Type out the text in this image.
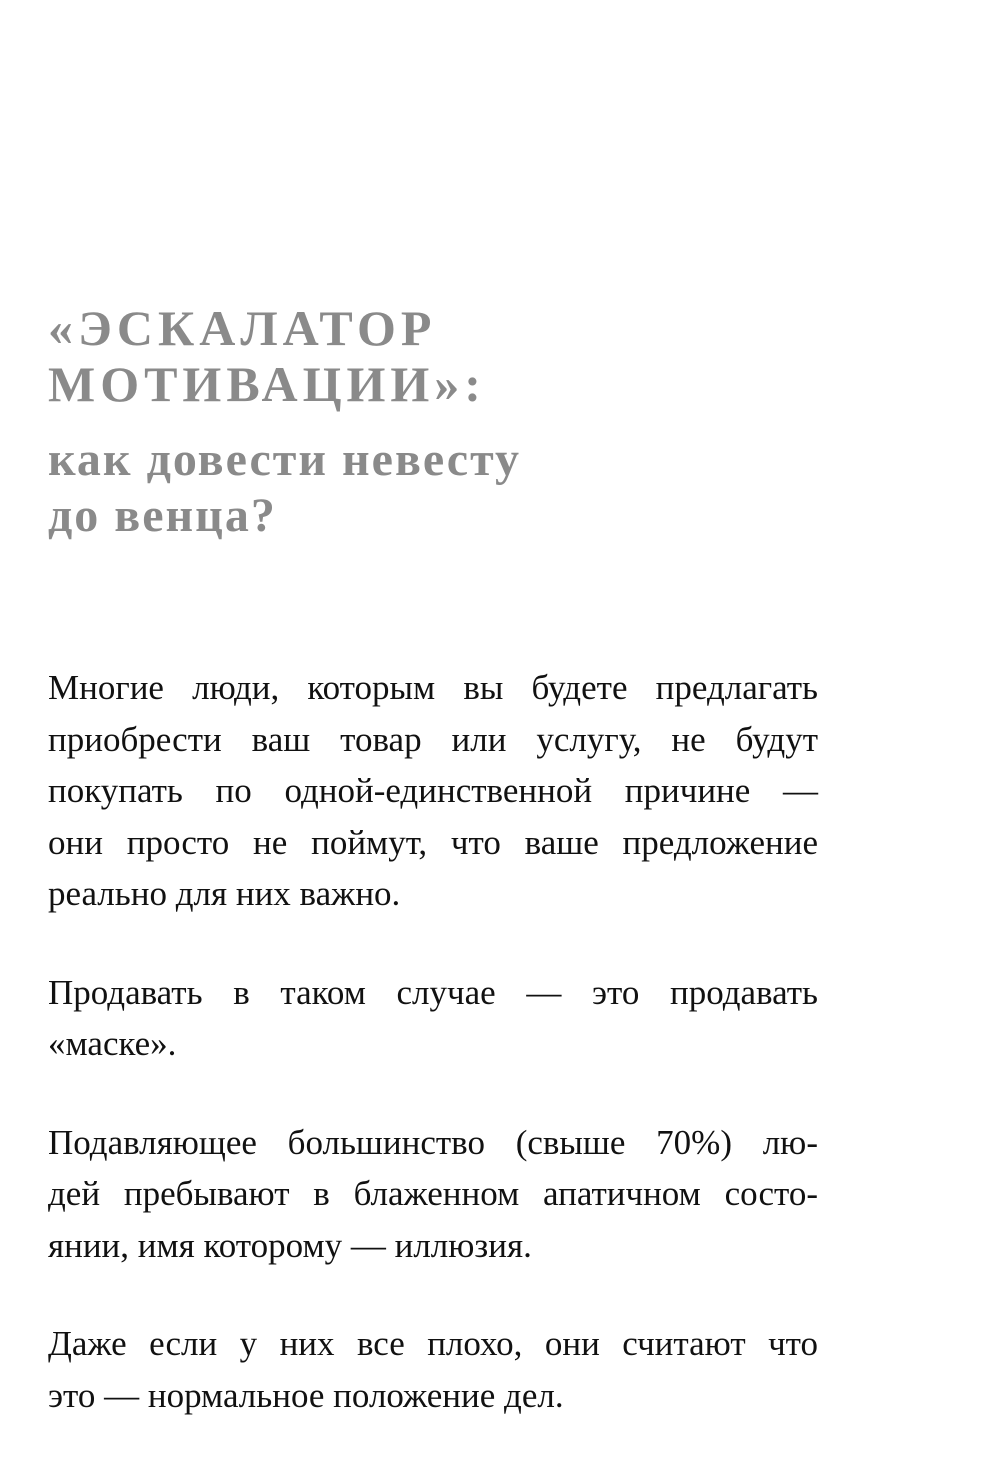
«ЭСКАЛАТОР

МОТИВАЦИИ»:

как довести невесту

до венца?

Многие люди, которым вы будете предлагать
приобрести ваш товар или услугу, не будут
покупать по одной-единственной причине —
они просто не поймут, что ваше предложение
реально для них важно.

Продавать в таком случае — это продавать
«маске».

Подавляющее большинство (свыше 70%) лю-
дей пребывают в блаженном апатичном состо-
янии, имя которому — иллюзия.

Даже если у них все плохо, они считают что
это — нормальное положение дел.
